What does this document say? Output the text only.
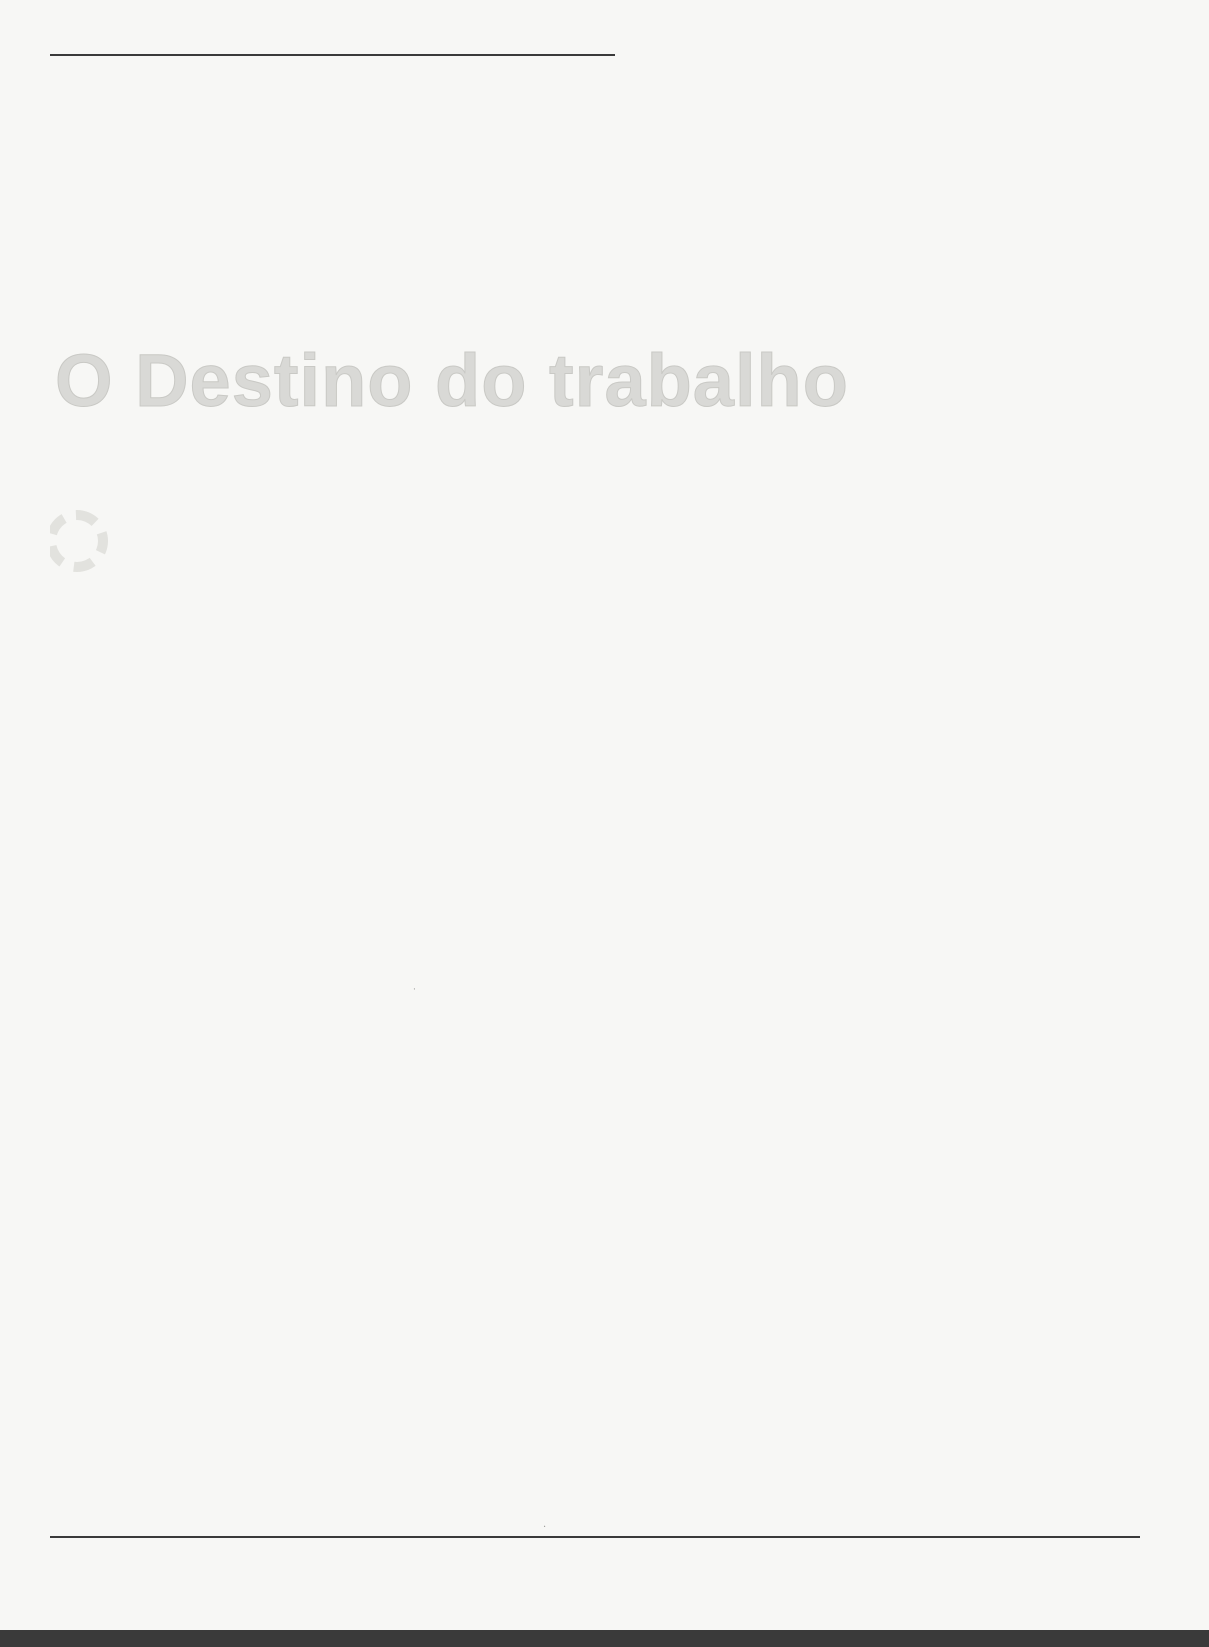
O Destino do trabalho
·
·
